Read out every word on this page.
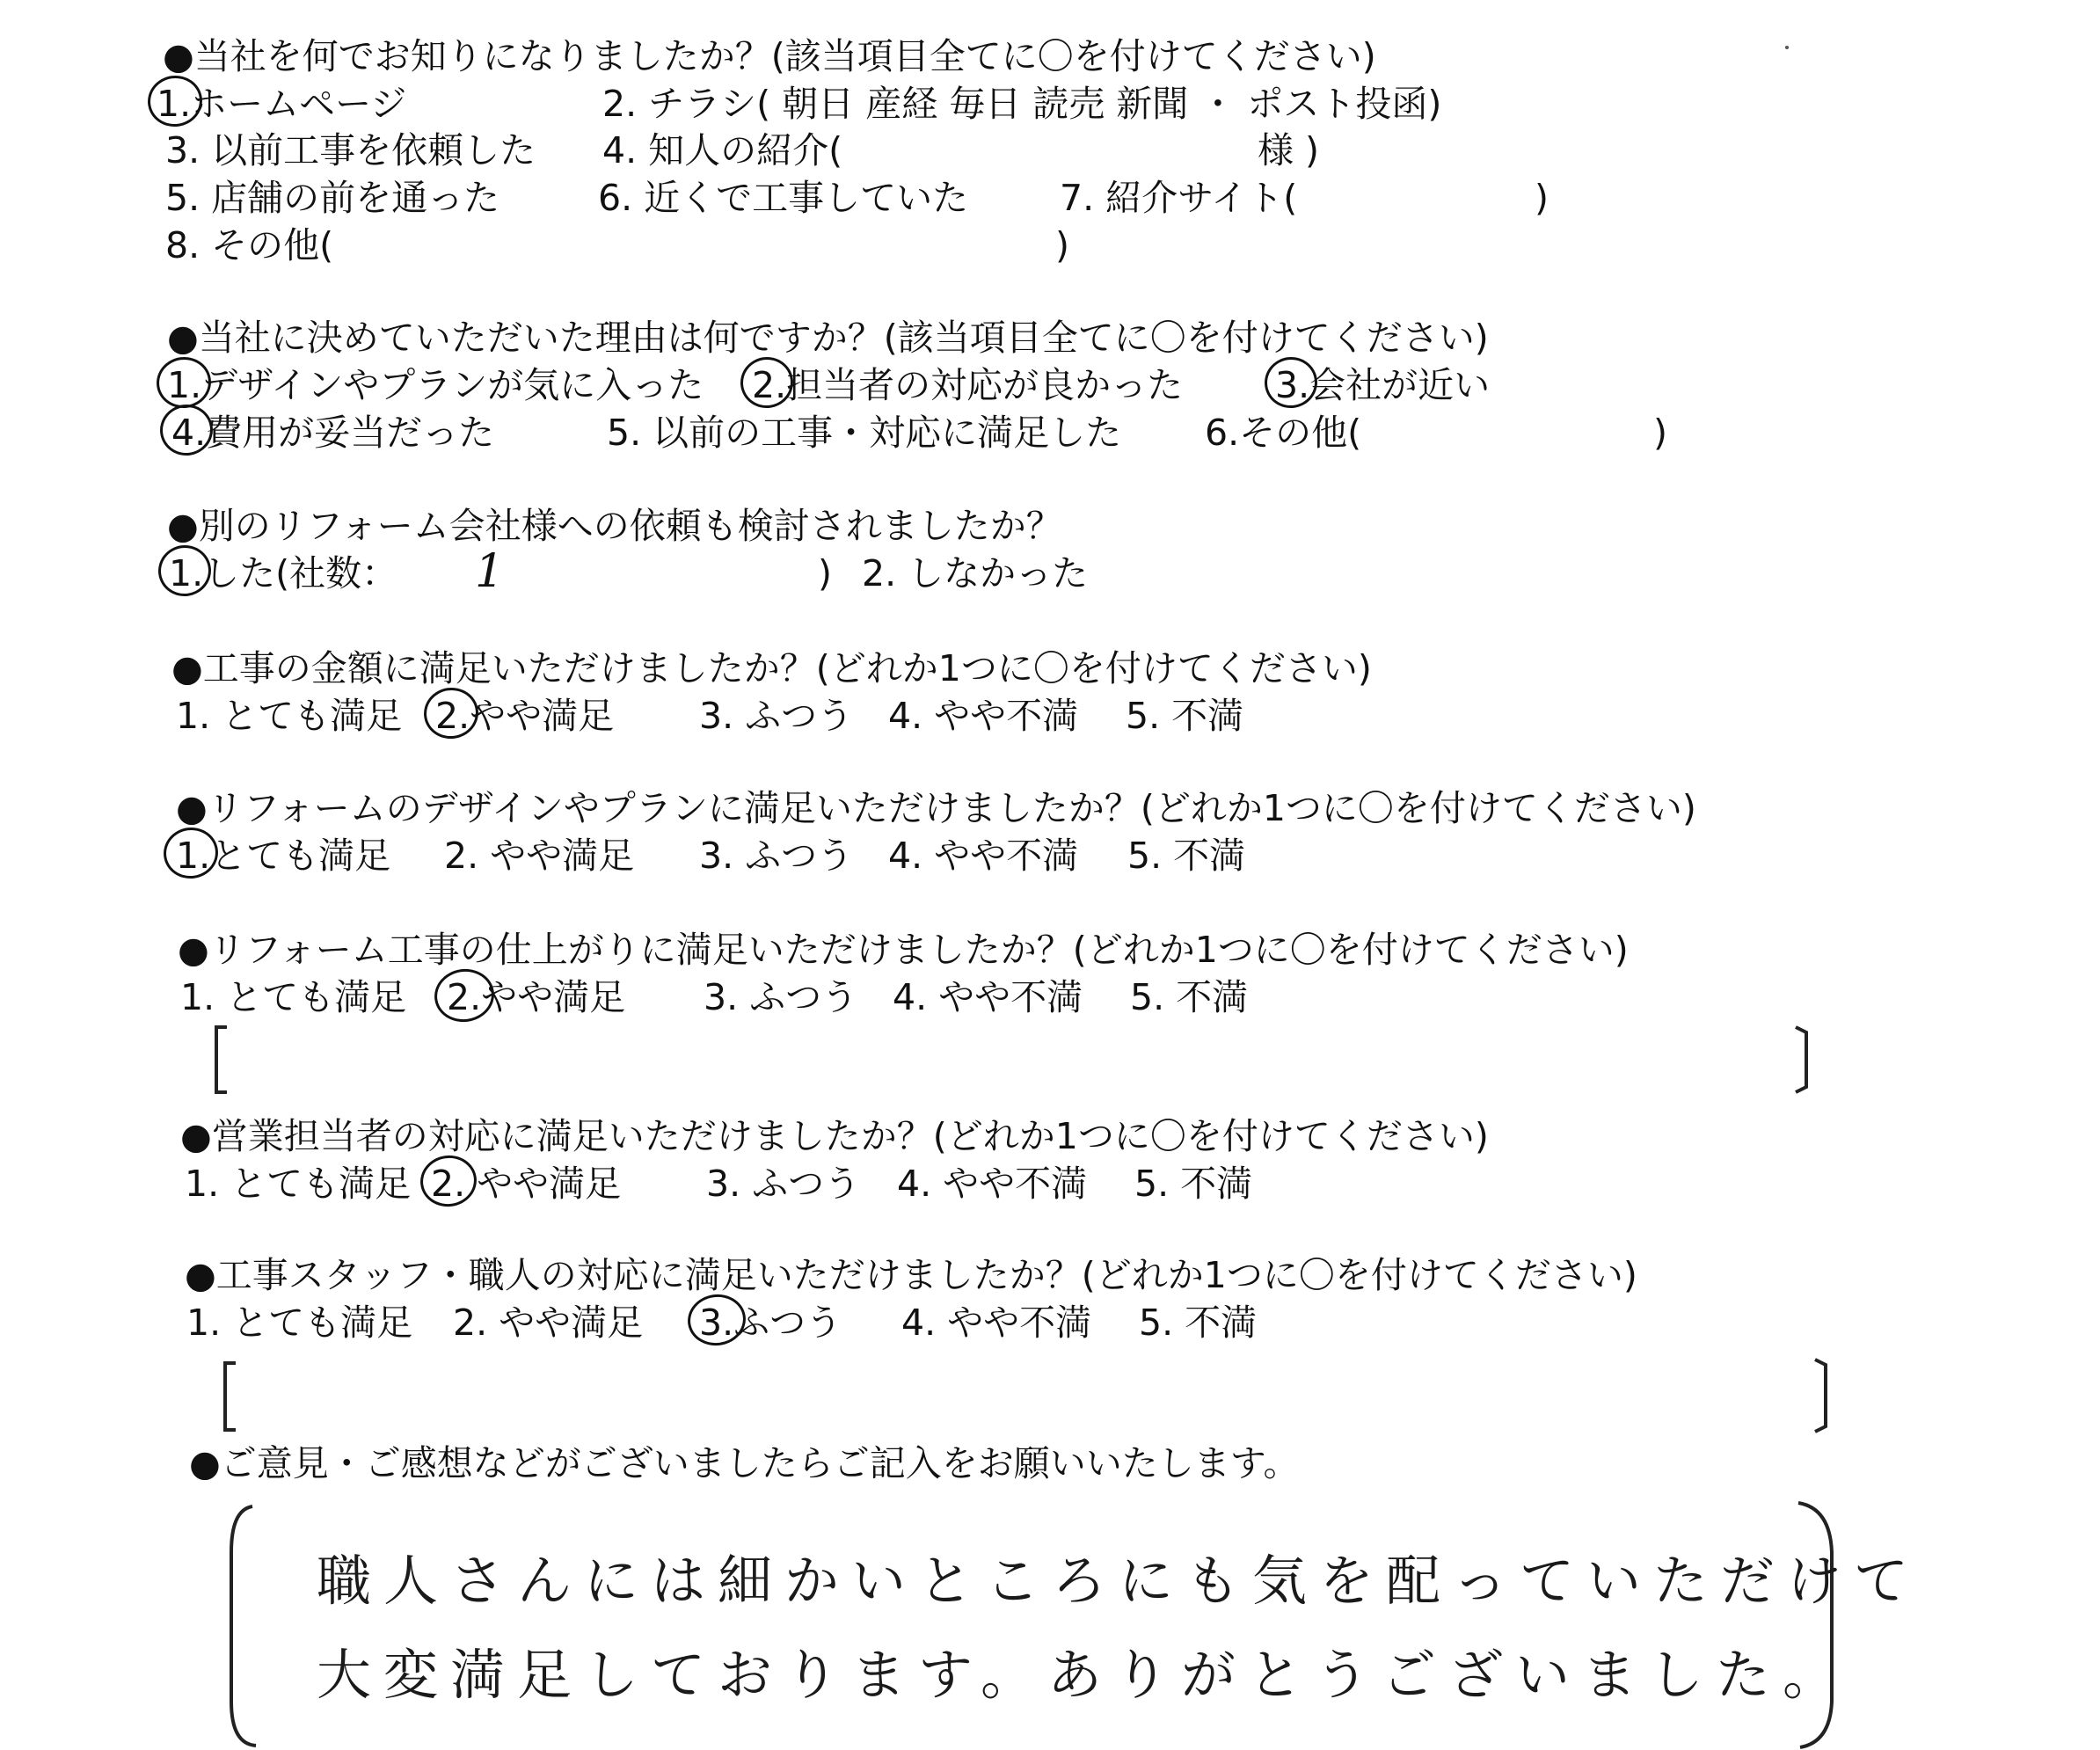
●当社を何でお知りになりましたか？(該当項目全てに〇を付けてください)
1.ホームページ	2. チラシ( 朝日 産経 毎日 読売 新聞 ・ ポスト投函)
3. 以前工事を依頼した 4. 知人の紹介(	様 )
5. 店舗の前を通った	6. 近くで工事していた	7. 紹介サイト(	)
8. その他(	)
●当社に決めていただいた理由は何ですか？(該当項目全てに〇を付けてください)
1.デザインやプランが気に入った 2.担当者の対応が良かった	3.会社が近い
4.費用が妥当だった	5. 以前の工事・対応に満足した 6.その他(	)
●別のリフォーム会社様への依頼も検討されましたか？
1.した(社数： 1	) 2. しなかった
●工事の金額に満足いただけましたか？(どれか1つに〇を付けてください)
1. とても満足 2.やや満足 3. ふつう 4. やや不満 5. 不満
●リフォームのデザインやプランに満足いただけましたか？(どれか1つに〇を付けてください)
1.とても満足 2. やや満足 3. ふつう 4. やや不満 5. 不満
●リフォーム工事の仕上がりに満足いただけましたか？(どれか1つに〇を付けてください)
1. とても満足 2.やや満足 3. ふつう 4. やや不満 5. 不満
●営業担当者の対応に満足いただけましたか？(どれか1つに〇を付けてください)
1. とても満足 2. やや満足 3. ふつう 4. やや不満 5. 不満
●工事スタッフ・職人の対応に満足いただけましたか？(どれか1つに〇を付けてください)
1. とても満足 2. やや満足 3.ふつう 4. やや不満 5. 不満
●ご意見・ご感想などがございましたらご記入をお願いいたします。
職人さんには細かいところにも気を配っていただけて
大変満足しております。ありがとうございました。
